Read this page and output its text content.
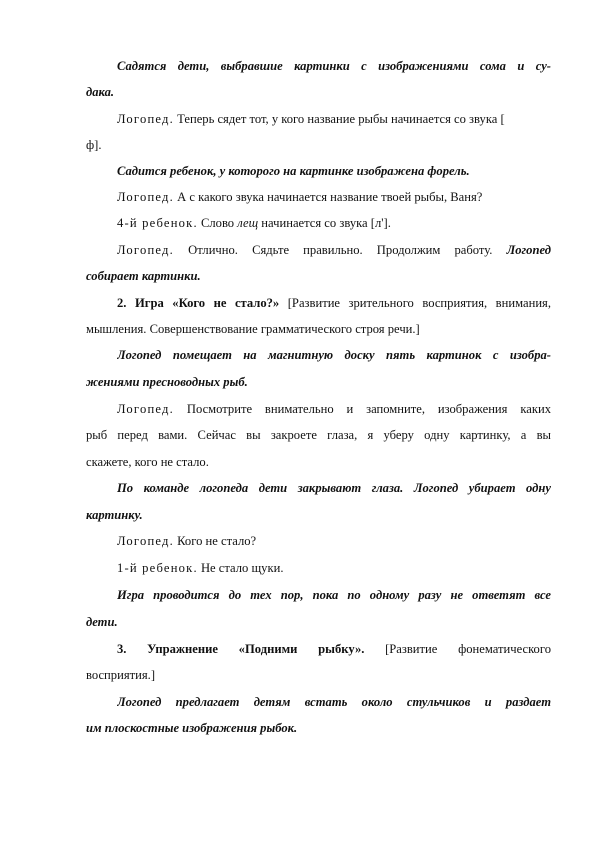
Садятся дети, выбравшие картинки с изображениями сома и су-
дака.
Логопед. Теперь сядет тот, у кого название рыбы начинается со звука [
ф].
Садится ребенок, у которого на картинке изображена форель.
Логопед. А с какого звука начинается название твоей рыбы, Ваня?
4-й ребенок. Слово лещ начинается со звука [л'].
Логопед. Отлично. Сядьте правильно. Продолжим работу. Логопед
собирает картинки.
2. Игра «Кого не стало?» [Развитие зрительного восприятия, внимания,
мышления. Совершенствование грамматического строя речи.]
Логопед помещает на магнитную доску пять картинок с изобра-
жениями пресноводных рыб.
Логопед. Посмотрите внимательно и запомните, изображения каких
рыб перед вами. Сейчас вы закроете глаза, я уберу одну картинку, а вы
скажете, кого не стало.
По команде логопеда дети закрывают глаза. Логопед убирает одну
картинку.
Логопед. Кого не стало?
1-й ребенок. Не стало щуки.
Игра проводится до тех пор, пока по одному разу не ответят все
дети.
3. Упражнение «Подними рыбку». [Развитие фонематического
восприятия.]
Логопед предлагает детям встать около стульчиков и раздает
им плоскостные изображения рыбок.
